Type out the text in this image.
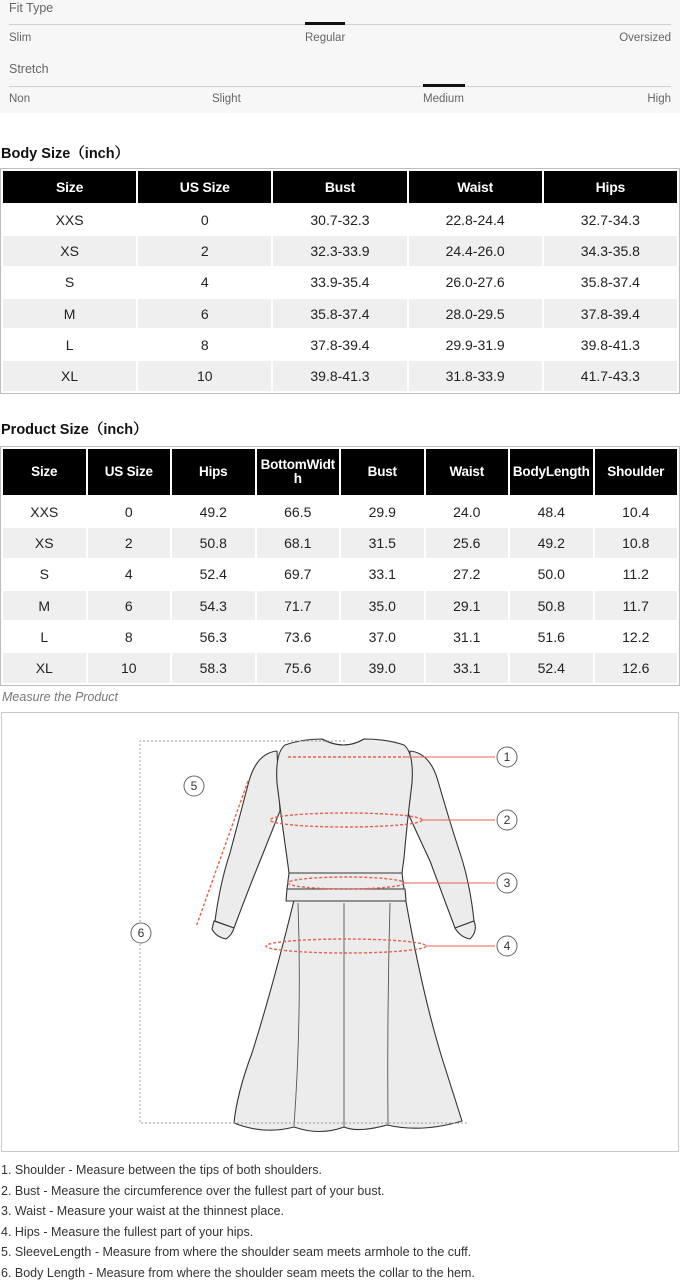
Fit Type
Slim	Regular	Oversized
Stretch
Non	Slight	Medium	High
Body Size（inch）
Size	US Size	Bust	Waist	Hips
XXS	0	30.7-32.3	22.8-24.4	32.7-34.3
XS	2	32.3-33.9	24.4-26.0	34.3-35.8
S	4	33.9-35.4	26.0-27.6	35.8-37.4
M	6	35.8-37.4	28.0-29.5	37.8-39.4
L	8	37.8-39.4	29.9-31.9	39.8-41.3
XL	10	39.8-41.3	31.8-33.9	41.7-43.3
Product Size（inch）
Size	US Size	Hips	BottomWidth	Bust	Waist	BodyLength	Shoulder
XXS	0	49.2	66.5	29.9	24.0	48.4	10.4
XS	2	50.8	68.1	31.5	25.6	49.2	10.8
S	4	52.4	69.7	33.1	27.2	50.0	11.2
M	6	54.3	71.7	35.0	29.1	50.8	11.7
L	8	56.3	73.6	37.0	31.1	51.6	12.2
XL	10	58.3	75.6	39.0	33.1	52.4	12.6
Measure the Product
1
2
3
4
5
6
1. Shoulder - Measure between the tips of both shoulders.
2. Bust - Measure the circumference over the fullest part of your bust.
3. Waist - Measure your waist at the thinnest place.
4. Hips - Measure the fullest part of your hips.
5. SleeveLength - Measure from where the shoulder seam meets armhole to the cuff.
6. Body Length - Measure from where the shoulder seam meets the collar to the hem.
